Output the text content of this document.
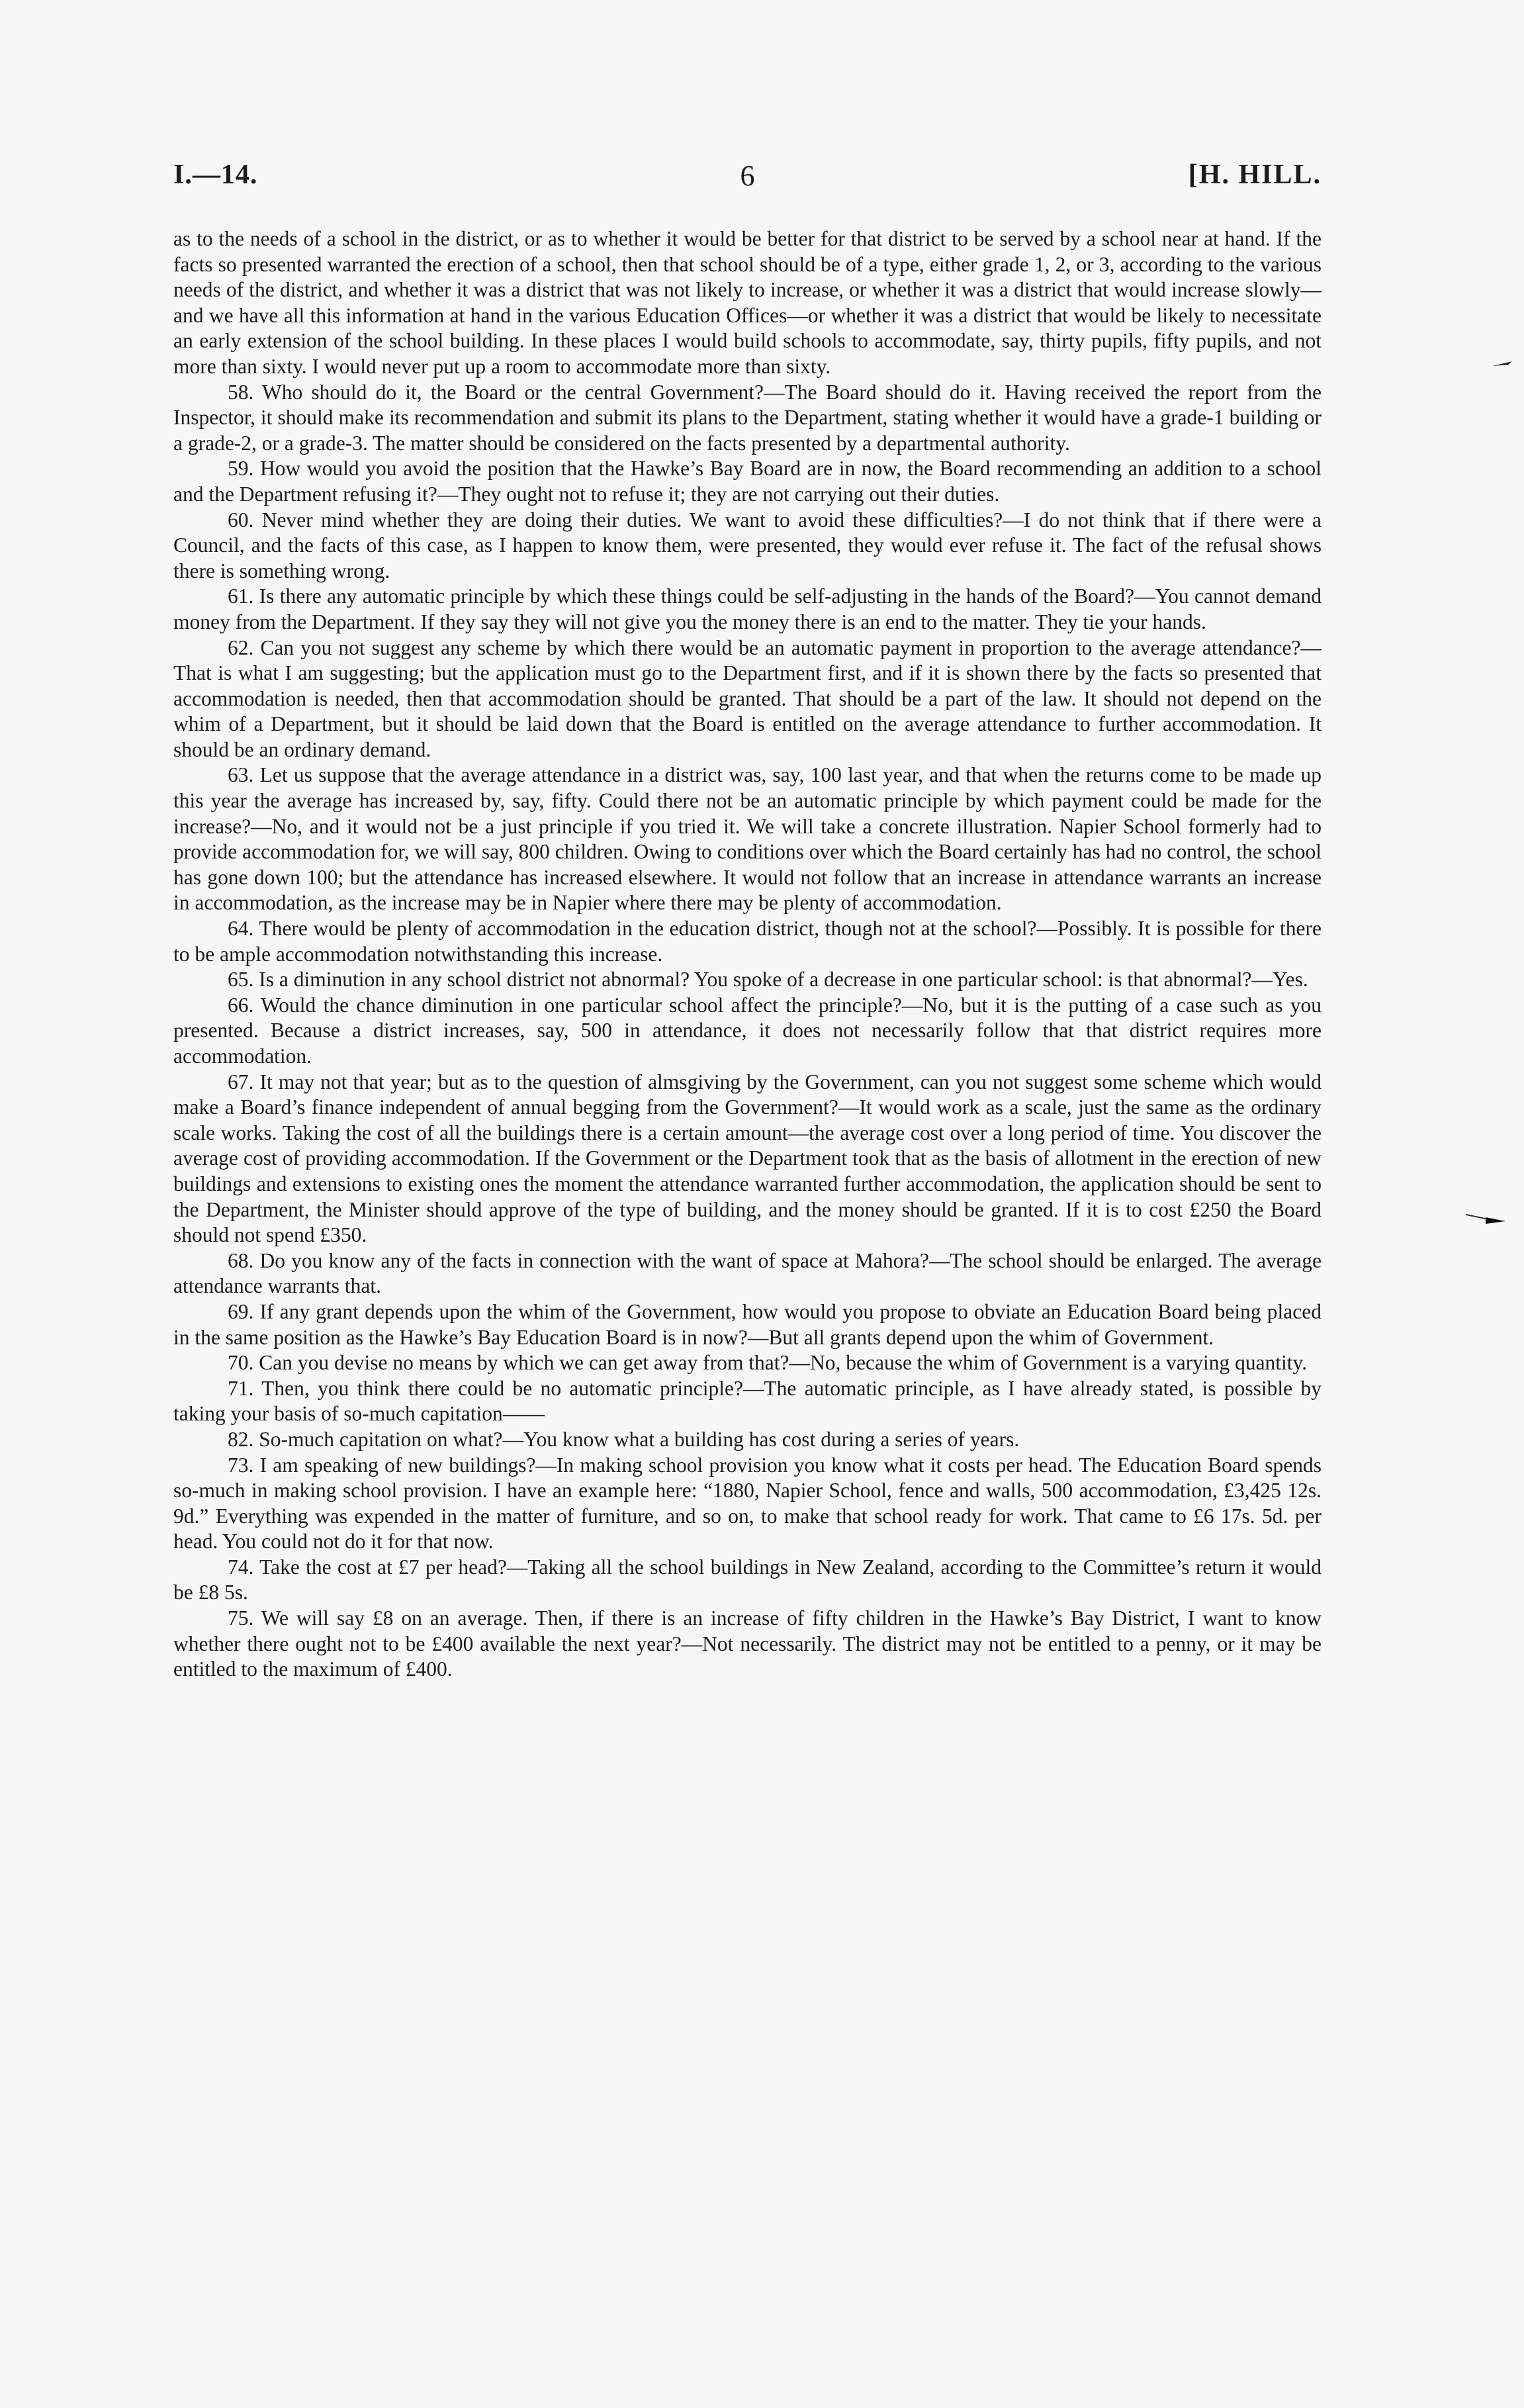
I.—14.	6	[H. HILL.

as to the needs of a school in the district, or as to whether it would be better for that district to be served by a school near at hand. If the facts so presented warranted the erection of a school, then that school should be of a type, either grade 1, 2, or 3, according to the various needs of the district, and whether it was a district that was not likely to increase, or whether it was a district that would increase slowly—and we have all this information at hand in the various Education Offices—or whether it was a district that would be likely to necessitate an early extension of the school building. In these places I would build schools to accommodate, say, thirty pupils, fifty pupils, and not more than sixty. I would never put up a room to accommodate more than sixty.

58. Who should do it, the Board or the central Government?—The Board should do it. Having received the report from the Inspector, it should make its recommendation and submit its plans to the Department, stating whether it would have a grade-1 building or a grade-2, or a grade-3. The matter should be considered on the facts presented by a departmental authority.

59. How would you avoid the position that the Hawke’s Bay Board are in now, the Board recommending an addition to a school and the Department refusing it?—They ought not to refuse it; they are not carrying out their duties.

60. Never mind whether they are doing their duties. We want to avoid these difficulties?—I do not think that if there were a Council, and the facts of this case, as I happen to know them, were presented, they would ever refuse it. The fact of the refusal shows there is something wrong.

61. Is there any automatic principle by which these things could be self-adjusting in the hands of the Board?—You cannot demand money from the Department. If they say they will not give you the money there is an end to the matter. They tie your hands.

62. Can you not suggest any scheme by which there would be an automatic payment in proportion to the average attendance?—That is what I am suggesting; but the application must go to the Department first, and if it is shown there by the facts so presented that accommodation is needed, then that accommodation should be granted. That should be a part of the law. It should not depend on the whim of a Department, but it should be laid down that the Board is entitled on the average attendance to further accommodation. It should be an ordinary demand.

63. Let us suppose that the average attendance in a district was, say, 100 last year, and that when the returns come to be made up this year the average has increased by, say, fifty. Could there not be an automatic principle by which payment could be made for the increase?—No, and it would not be a just principle if you tried it. We will take a concrete illustration. Napier School formerly had to provide accommodation for, we will say, 800 children. Owing to conditions over which the Board certainly has had no control, the school has gone down 100; but the attendance has increased elsewhere. It would not follow that an increase in attendance warrants an increase in accommodation, as the increase may be in Napier where there may be plenty of accommodation.

64. There would be plenty of accommodation in the education district, though not at the school?—Possibly. It is possible for there to be ample accommodation notwithstanding this increase.

65. Is a diminution in any school district not abnormal? You spoke of a decrease in one particular school: is that abnormal?—Yes.

66. Would the chance diminution in one particular school affect the principle?—No, but it is the putting of a case such as you presented. Because a district increases, say, 500 in attendance, it does not necessarily follow that that district requires more accommodation.

67. It may not that year; but as to the question of almsgiving by the Government, can you not suggest some scheme which would make a Board’s finance independent of annual begging from the Government?—It would work as a scale, just the same as the ordinary scale works. Taking the cost of all the buildings there is a certain amount—the average cost over a long period of time. You discover the average cost of providing accommodation. If the Government or the Department took that as the basis of allotment in the erection of new buildings and extensions to existing ones the moment the attendance warranted further accommodation, the application should be sent to the Department, the Minister should approve of the type of building, and the money should be granted. If it is to cost £250 the Board should not spend £350.

68. Do you know any of the facts in connection with the want of space at Mahora?—The school should be enlarged. The average attendance warrants that.

69. If any grant depends upon the whim of the Government, how would you propose to obviate an Education Board being placed in the same position as the Hawke’s Bay Education Board is in now?—But all grants depend upon the whim of Government.

70. Can you devise no means by which we can get away from that?—No, because the whim of Government is a varying quantity.

71. Then, you think there could be no automatic principle?—The automatic principle, as I have already stated, is possible by taking your basis of so-much capitation——

82. So-much capitation on what?—You know what a building has cost during a series of years.

73. I am speaking of new buildings?—In making school provision you know what it costs per head. The Education Board spends so-much in making school provision. I have an example here: “1880, Napier School, fence and walls, 500 accommodation, £3,425 12s. 9d.” Everything was expended in the matter of furniture, and so on, to make that school ready for work. That came to £6 17s. 5d. per head. You could not do it for that now.

74. Take the cost at £7 per head?—Taking all the school buildings in New Zealand, according to the Committee’s return it would be £8 5s.

75. We will say £8 on an average. Then, if there is an increase of fifty children in the Hawke’s Bay District, I want to know whether there ought not to be £400 available the next year?—Not necessarily. The district may not be entitled to a penny, or it may be entitled to the maximum of £400.
